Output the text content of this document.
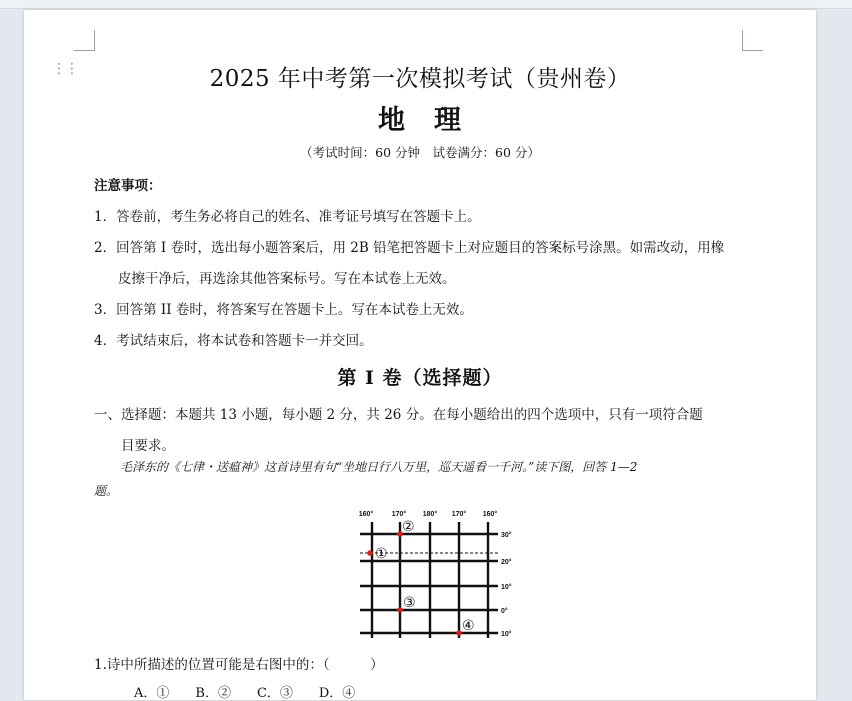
⋮⋮	2025 年中考第一次模拟考试（贵州卷）
地　理
（考试时间：60 分钟　试卷满分：60 分）
注意事项：
1．答卷前，考生务必将自己的姓名、准考证号填写在答题卡上。
2．回答第 I 卷时，选出每小题答案后，用 2B 铅笔把答题卡上对应题目的答案标号涂黑。如需改动，用橡
皮擦干净后，再选涂其他答案标号。写在本试卷上无效。
3．回答第 II 卷时，将答案写在答题卡上。写在本试卷上无效。
4．考试结束后，将本试卷和答题卡一并交回。
第 I 卷（选择题）
一、选择题：本题共 13 小题，每小题 2 分，共 26 分。在每小题给出的四个选项中，只有一项符合题
目要求。
毛泽东的《七律・送瘟神》这首诗里有句“坐地日行八万里，巡天遥看一千河。”读下图，回答 1—2
题。
160°	170° 180° 170° 160°
30°
20°
10°
0°
10°
①
②
③
④
1.诗中所描述的位置可能是右图中的：（　　　）
A．①　　B．②　　C．③　　D．④
